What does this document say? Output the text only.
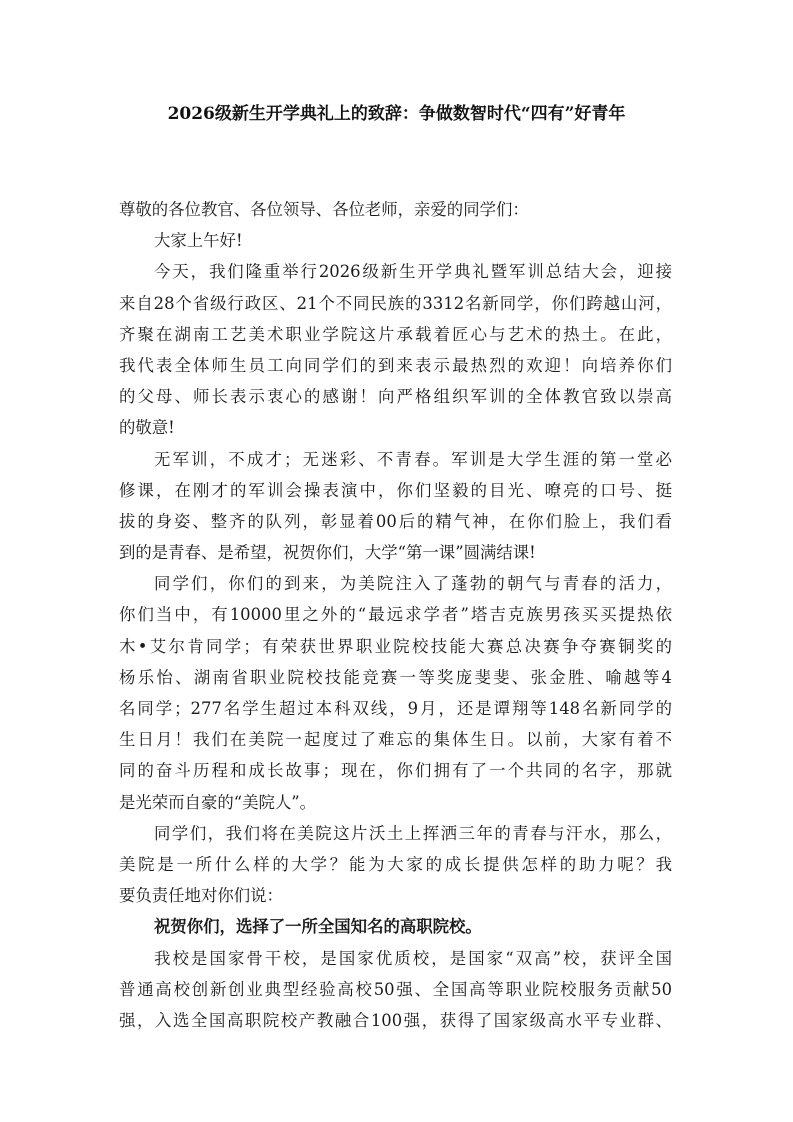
2026级新生开学典礼上的致辞：争做数智时代“四有”好青年
尊敬的各位教官、各位领导、各位老师，亲爱的同学们：
大家上午好!
今天，我们隆重举行2026级新生开学典礼暨军训总结大会，迎接
来自28个省级行政区、21个不同民族的3312名新同学，你们跨越山河，
齐聚在湖南工艺美术职业学院这片承载着匠心与艺术的热土。在此，
我代表全体师生员工向同学们的到来表示最热烈的欢迎！向培养你们
的父母、师长表示衷心的感谢！向严格组织军训的全体教官致以崇高
的敬意!
无军训，不成才；无迷彩、不青春。军训是大学生涯的第一堂必
修课，在刚才的军训会操表演中，你们坚毅的目光、嘹亮的口号、挺
拔的身姿、整齐的队列，彰显着00后的精气神，在你们脸上，我们看
到的是青春、是希望，祝贺你们，大学“第一课”圆满结课!
同学们，你们的到来，为美院注入了蓬勃的朝气与青春的活力，
你们当中，有10000里之外的“最远求学者”塔吉克族男孩买买提热依
木•艾尔肯同学；有荣获世界职业院校技能大赛总决赛争夺赛铜奖的
杨乐怡、湖南省职业院校技能竞赛一等奖庞斐斐、张金胜、喻越等4
名同学；277名学生超过本科双线，9月，还是谭翔等148名新同学的
生日月！我们在美院一起度过了难忘的集体生日。以前，大家有着不
同的奋斗历程和成长故事；现在，你们拥有了一个共同的名字，那就
是光荣而自豪的“美院人”。
同学们，我们将在美院这片沃土上挥洒三年的青春与汗水，那么，
美院是一所什么样的大学？能为大家的成长提供怎样的助力呢？我
要负责任地对你们说：
祝贺你们，选择了一所全国知名的高职院校。
我校是国家骨干校，是国家优质校，是国家“双高”校，获评全国
普通高校创新创业典型经验高校50强、全国高等职业院校服务贡献50
强，入选全国高职院校产教融合100强，获得了国家级高水平专业群、
